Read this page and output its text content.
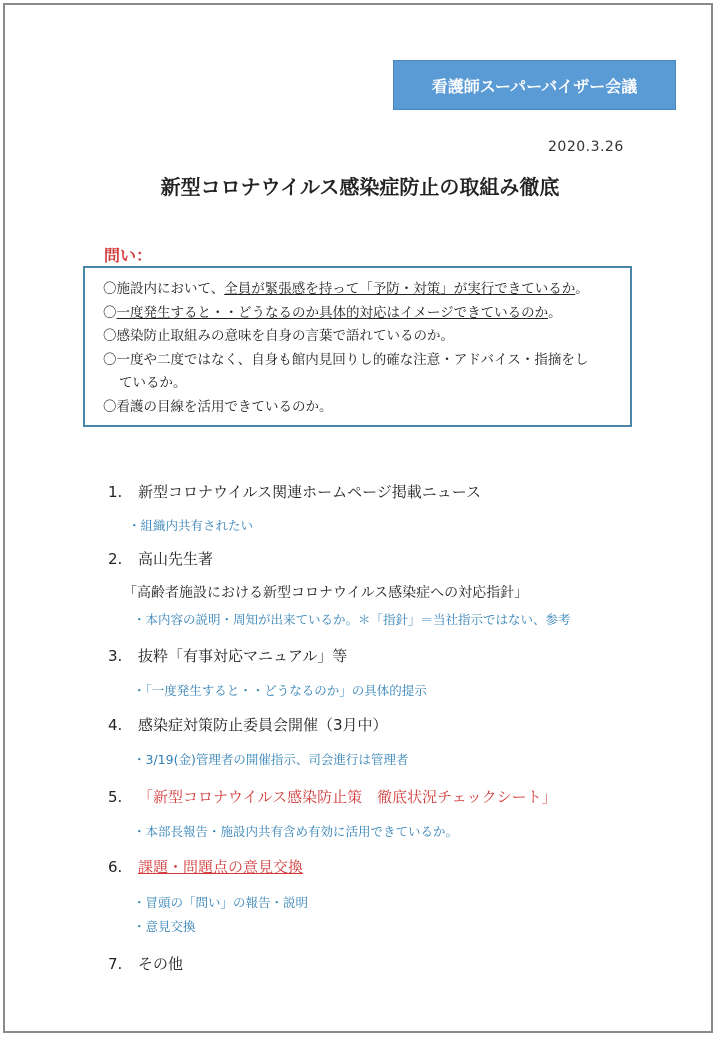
看護師スーパーバイザー会議
2020.3.26
新型コロナウイルス感染症防止の取組み徹底
問い：
〇施設内において、全員が緊張感を持って「予防・対策」が実行できているか。
〇一度発生すると・・どうなるのか具体的対応はイメージできているのか。
〇感染防止取組みの意味を自身の言葉で語れているのか。
〇一度や二度ではなく、自身も館内見回りし的確な注意・アドバイス・指摘をし
ているか。
〇看護の目線を活用できているのか。
1. 新型コロナウイルス関連ホームページ掲載ニュース
・組織内共有されたい
2. 高山先生著
「高齢者施設における新型コロナウイルス感染症への対応指針」
・本内容の説明・周知が出来ているか。＊「指針」＝当社指示ではない、参考
3. 抜粋「有事対応マニュアル」等
・「一度発生すると・・どうなるのか」の具体的提示
4. 感染症対策防止委員会開催（3月中）
・3/19(金)管理者の開催指示、司会進行は管理者
5. 「新型コロナウイルス感染防止策　徹底状況チェックシート」
・本部長報告・施設内共有含め有効に活用できているか。
6. 課題・問題点の意見交換
・冒頭の「問い」の報告・説明
・意見交換
7. その他
